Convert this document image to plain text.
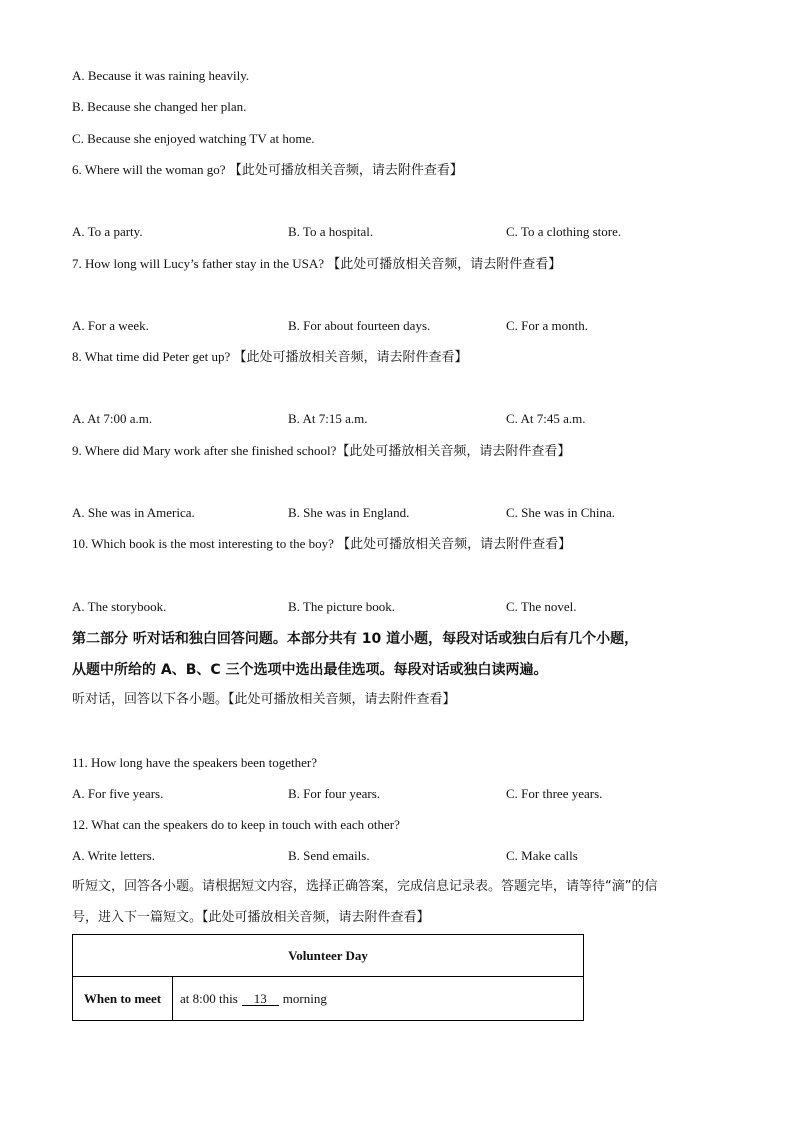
A. Because it was raining heavily.
B. Because she changed her plan.
C. Because she enjoyed watching TV at home.
6. Where will the woman go? 【此处可播放相关音频，请去附件查看】
A. To a party.	B. To a hospital.	C. To a clothing store.
7. How long will Lucy’s father stay in the USA? 【此处可播放相关音频，请去附件查看】
A. For a week.	B. For about fourteen days.	C. For a month.
8. What time did Peter get up? 【此处可播放相关音频，请去附件查看】
A. At 7:00 a.m.	B. At 7:15 a.m.	C. At 7:45 a.m.
9. Where did Mary work after she finished school?【此处可播放相关音频，请去附件查看】
A. She was in America.	B. She was in England.	C. She was in China.
10. Which book is the most interesting to the boy? 【此处可播放相关音频，请去附件查看】
A. The storybook.	B. The picture book.	C. The novel.
第二部分 听对话和独白回答问题。本部分共有 10 道小题，每段对话或独白后有几个小题，
从题中所给的 A、B、C 三个选项中选出最佳选项。每段对话或独白读两遍。
听对话，回答以下各小题。【此处可播放相关音频，请去附件查看】
11. How long have the speakers been together?
A. For five years.	B. For four years.	C. For three years.
12. What can the speakers do to keep in touch with each other?
A. Write letters.	B. Send emails.	C. Make calls
听短文，回答各小题。请根据短文内容，选择正确答案，完成信息记录表。答题完毕，请等待“滴”的信
号，进入下一篇短文。【此处可播放相关音频，请去附件查看】
Volunteer Day
When to meet	at 8:00 this	13	morning
